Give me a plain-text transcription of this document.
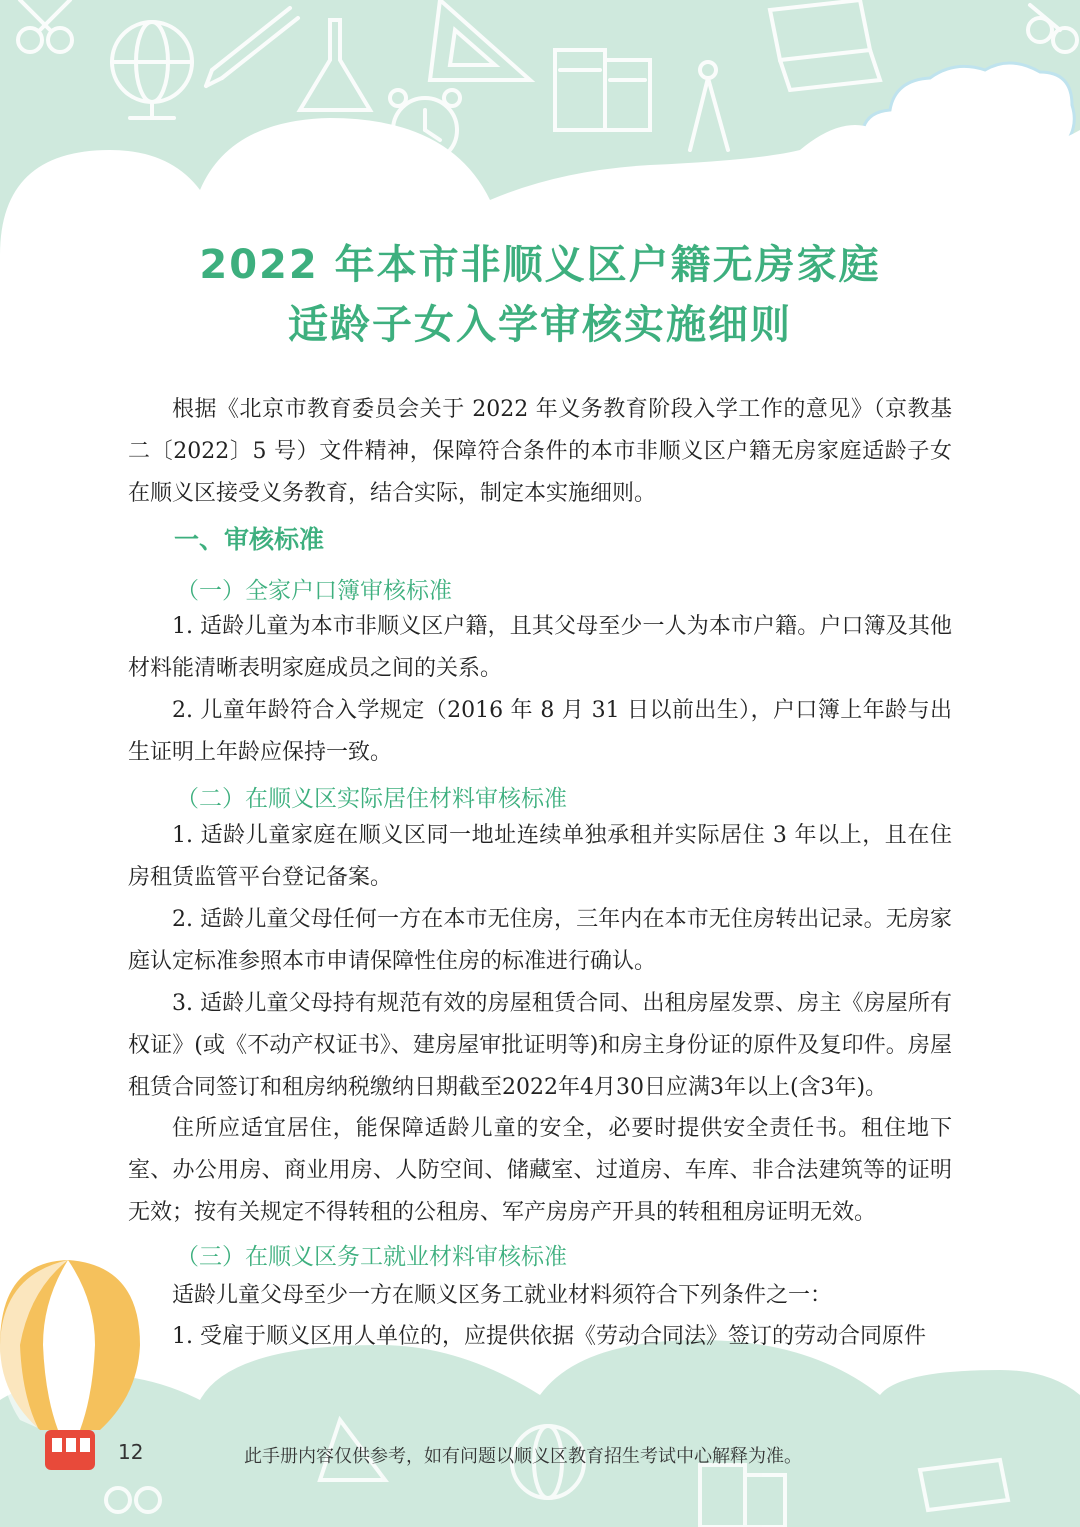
2022 年本市非顺义区户籍无房家庭
适龄子女入学审核实施细则

根据《北京市教育委员会关于 2022 年义务教育阶段入学工作的意见》（京教基二〔2022〕5 号）文件精神，保障符合条件的本市非顺义区户籍无房家庭适龄子女在顺义区接受义务教育，结合实际，制定本实施细则。

一、审核标准
（一）全家户口簿审核标准

1. 适龄儿童为本市非顺义区户籍，且其父母至少一人为本市户籍。户口簿及其他材料能清晰表明家庭成员之间的关系。

2. 儿童年龄符合入学规定（2016 年 8 月 31 日以前出生），户口簿上年龄与出生证明上年龄应保持一致。

（二）在顺义区实际居住材料审核标准

1. 适龄儿童家庭在顺义区同一地址连续单独承租并实际居住 3 年以上，且在住房租赁监管平台登记备案。

2. 适龄儿童父母任何一方在本市无住房，三年内在本市无住房转出记录。无房家庭认定标准参照本市申请保障性住房的标准进行确认。

3. 适龄儿童父母持有规范有效的房屋租赁合同、出租房屋发票、房主《房屋所有权证》(或《不动产权证书》、建房屋审批证明等)和房主身份证的原件及复印件。房屋租赁合同签订和租房纳税缴纳日期截至2022年4月30日应满3年以上(含3年)。

住所应适宜居住，能保障适龄儿童的安全，必要时提供安全责任书。租住地下室、办公用房、商业用房、人防空间、储藏室、过道房、车库、非合法建筑等的证明无效；按有关规定不得转租的公租房、军产房房产开具的转租租房证明无效。

（三）在顺义区务工就业材料审核标准

适龄儿童父母至少一方在顺义区务工就业材料须符合下列条件之一：

1. 受雇于顺义区用人单位的，应提供依据《劳动合同法》签订的劳动合同原件

12	此手册内容仅供参考，如有问题以顺义区教育招生考试中心解释为准。
